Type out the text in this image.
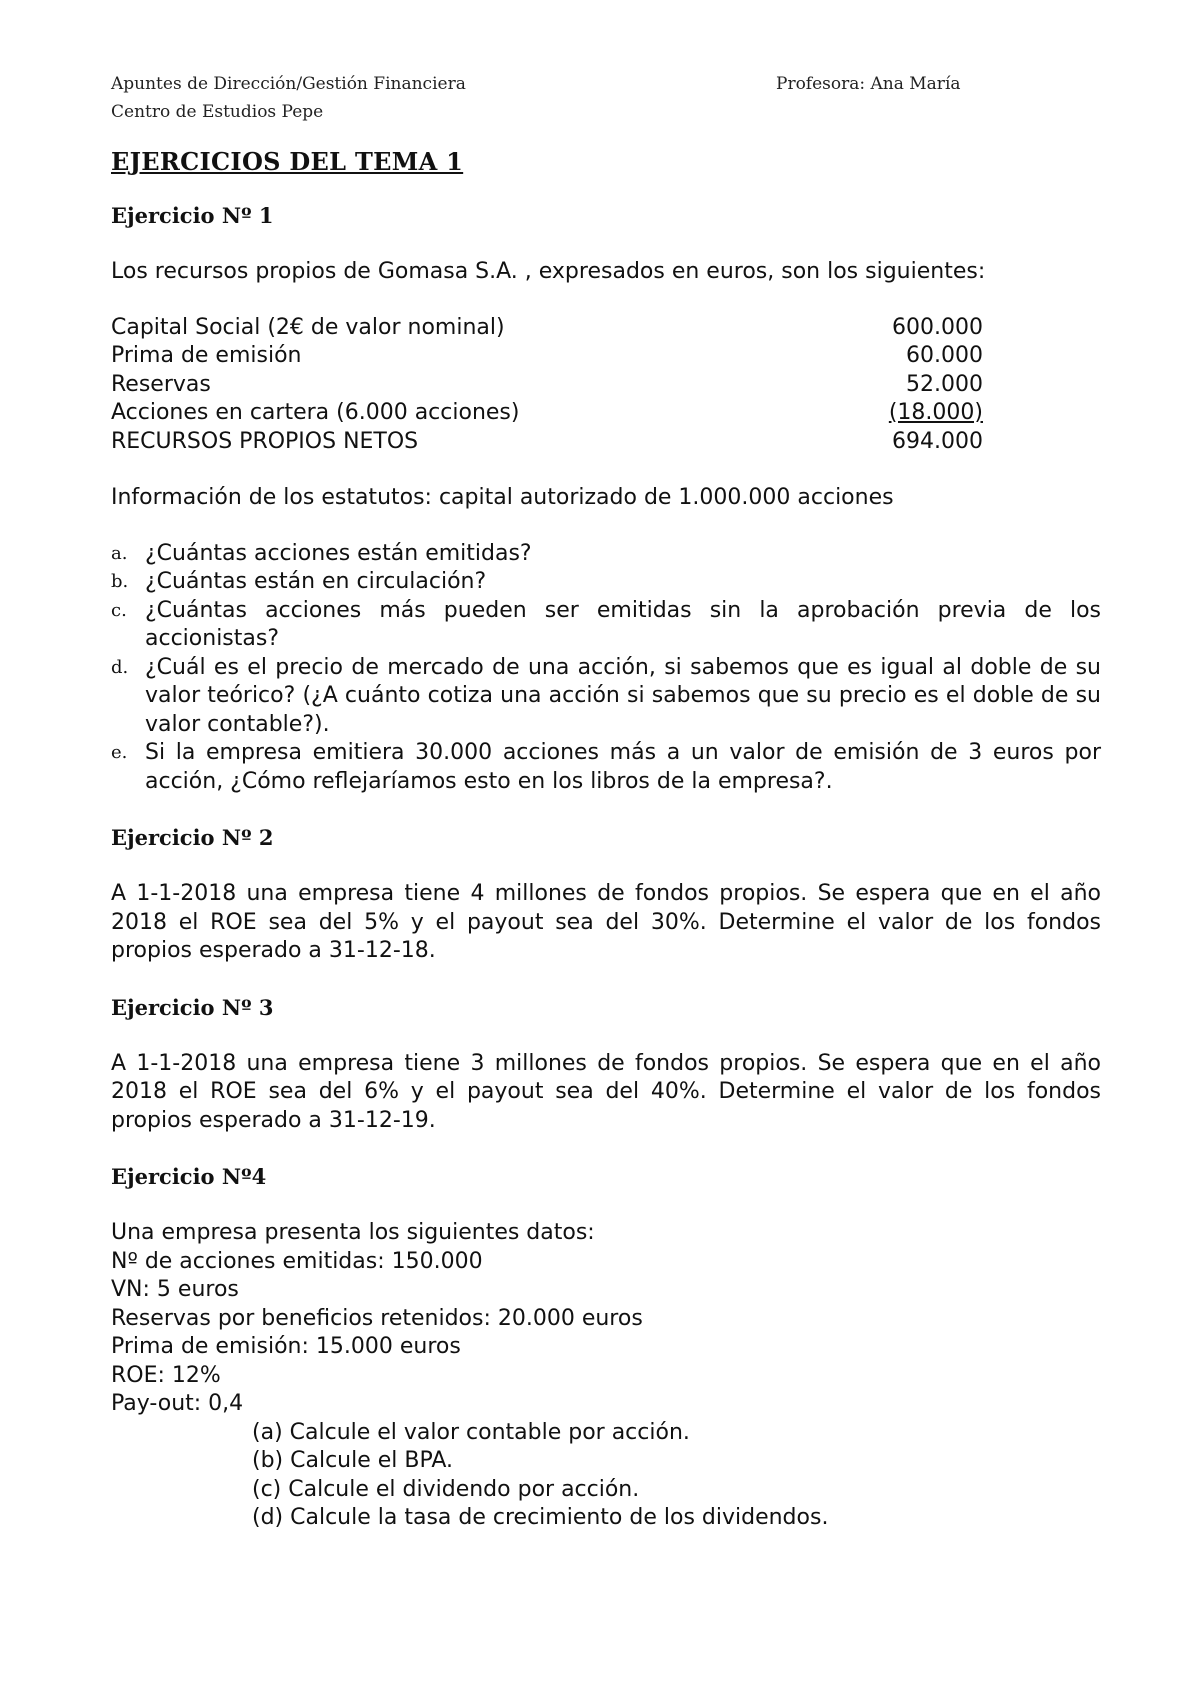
Apuntes de Dirección/Gestión Financiera
Centro de Estudios Pepe
Profesora: Ana María
EJERCICIOS DEL TEMA 1
Ejercicio Nº 1

Los recursos propios de Gomasa S.A. , expresados en euros, son los siguientes:

Capital Social (2€ de valor nominal)	600.000
Prima de emisión	60.000
Reservas	52.000
Acciones en cartera (6.000 acciones)	(18.000)
RECURSOS PROPIOS NETOS	694.000

Información de los estatutos: capital autorizado de 1.000.000 acciones

a. ¿Cuántas acciones están emitidas?
b. ¿Cuántas están en circulación?
c. ¿Cuántas acciones más pueden ser emitidas sin la aprobación previa de los accionistas?
d. ¿Cuál es el precio de mercado de una acción, si sabemos que es igual al doble de su valor teórico? (¿A cuánto cotiza una acción si sabemos que su precio es el doble de su valor contable?).
e. Si la empresa emitiera 30.000 acciones más a un valor de emisión de 3 euros por acción, ¿Cómo reflejaríamos esto en los libros de la empresa?.
Ejercicio Nº 2

A 1-1-2018 una empresa tiene 4 millones de fondos propios. Se espera que en el año 2018 el ROE sea del 5% y el payout sea del 30%. Determine el valor de los fondos propios esperado a 31-12-18.

Ejercicio Nº 3

A 1-1-2018 una empresa tiene 3 millones de fondos propios. Se espera que en el año 2018 el ROE sea del 6% y el payout sea del 40%. Determine el valor de los fondos propios esperado a 31-12-19.

Ejercicio Nº4
Una empresa presenta los siguientes datos:
Nº de acciones emitidas: 150.000
VN: 5 euros
Reservas por beneficios retenidos: 20.000 euros
Prima de emisión: 15.000 euros
ROE: 12%
Pay-out: 0,4
(a) Calcule el valor contable por acción.
(b) Calcule el BPA.
(c) Calcule el dividendo por acción.
(d) Calcule la tasa de crecimiento de los dividendos.
